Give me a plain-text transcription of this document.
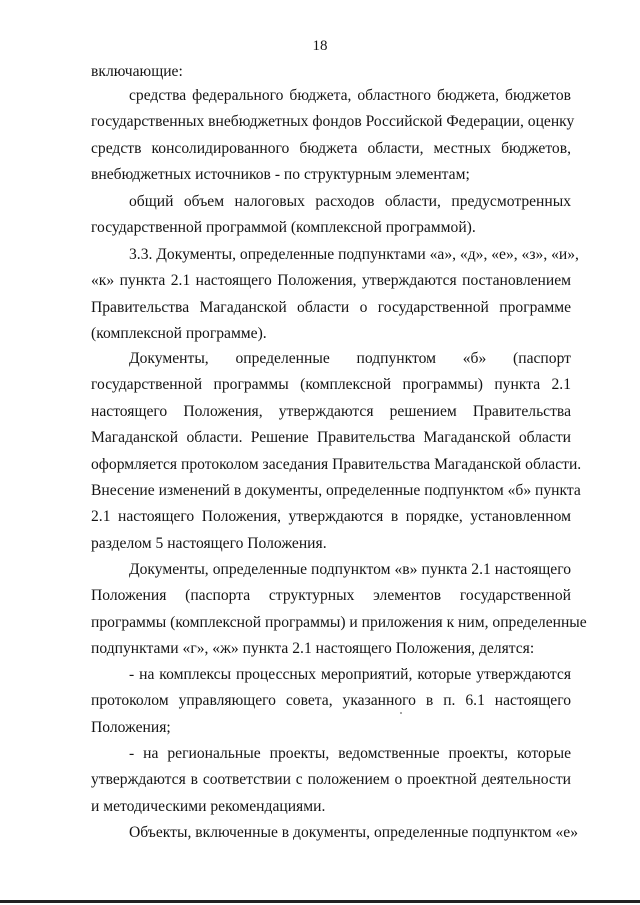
18
включающие:
средства федерального бюджета, областного бюджета, бюджетов
государственных внебюджетных фондов Российской Федерации, оценку
средств консолидированного бюджета области, местных бюджетов,
внебюджетных источников - по структурным элементам;
общий объем налоговых расходов области, предусмотренных
государственной программой (комплексной программой).
3.3. Документы, определенные подпунктами «а», «д», «е», «з», «и»,
«к» пункта 2.1 настоящего Положения, утверждаются постановлением
Правительства Магаданской области о государственной программе
(комплексной программе).
Документы, определенные подпунктом «б» (паспорт
государственной программы (комплексной программы) пункта 2.1
настоящего Положения, утверждаются решением Правительства
Магаданской области. Решение Правительства Магаданской области
оформляется протоколом заседания Правительства Магаданской области.
Внесение изменений в документы, определенные подпунктом «б» пункта
2.1 настоящего Положения, утверждаются в порядке, установленном
разделом 5 настоящего Положения.
Документы, определенные подпунктом «в» пункта 2.1 настоящего
Положения (паспорта структурных элементов государственной
программы (комплексной программы) и приложения к ним, определенные
подпунктами «г», «ж» пункта 2.1 настоящего Положения, делятся:
- на комплексы процессных мероприятий, которые утверждаются
протоколом управляющего совета, указанного в п. 6.1 настоящего
Положения;
- на региональные проекты, ведомственные проекты, которые
утверждаются в соответствии с положением о проектной деятельности
и методическими рекомендациями.
Объекты, включенные в документы, определенные подпунктом «е»
